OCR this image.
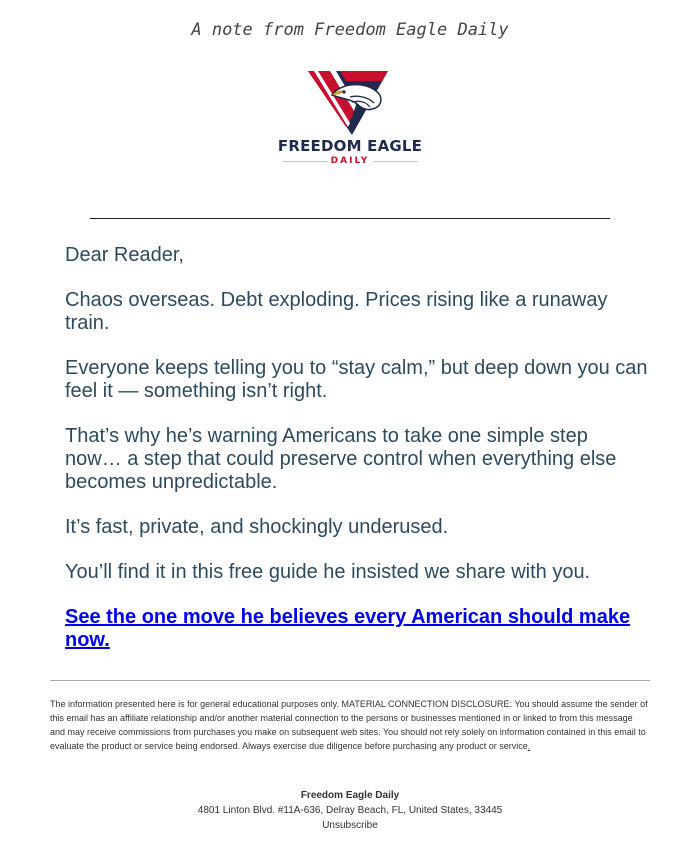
A note from Freedom Eagle Daily
FREEDOM EAGLE
DAILY

Dear Reader,

Chaos overseas. Debt exploding. Prices rising like a runaway train.

Everyone keeps telling you to “stay calm,” but deep down you can feel it — something isn’t right.

That’s why he’s warning Americans to take one simple step now… a step that could preserve control when everything else becomes unpredictable.

It’s fast, private, and shockingly underused.

You’ll find it in this free guide he insisted we share with you.

See the one move he believes every American should make now.
The information presented here is for general educational purposes only. MATERIAL CONNECTION DISCLOSURE: You should assume the sender of this email has an affiliate relationship and/or another material connection to the persons or businesses mentioned in or linked to from this message and may receive commissions from purchases you make on subsequent web sites. You should not rely solely on information contained in this email to evaluate the product or service being endorsed. Always exercise due diligence before purchasing any product or service.
Freedom Eagle Daily
4801 Linton Blvd. #11A-636, Delray Beach, FL, United States, 33445
Unsubscribe
